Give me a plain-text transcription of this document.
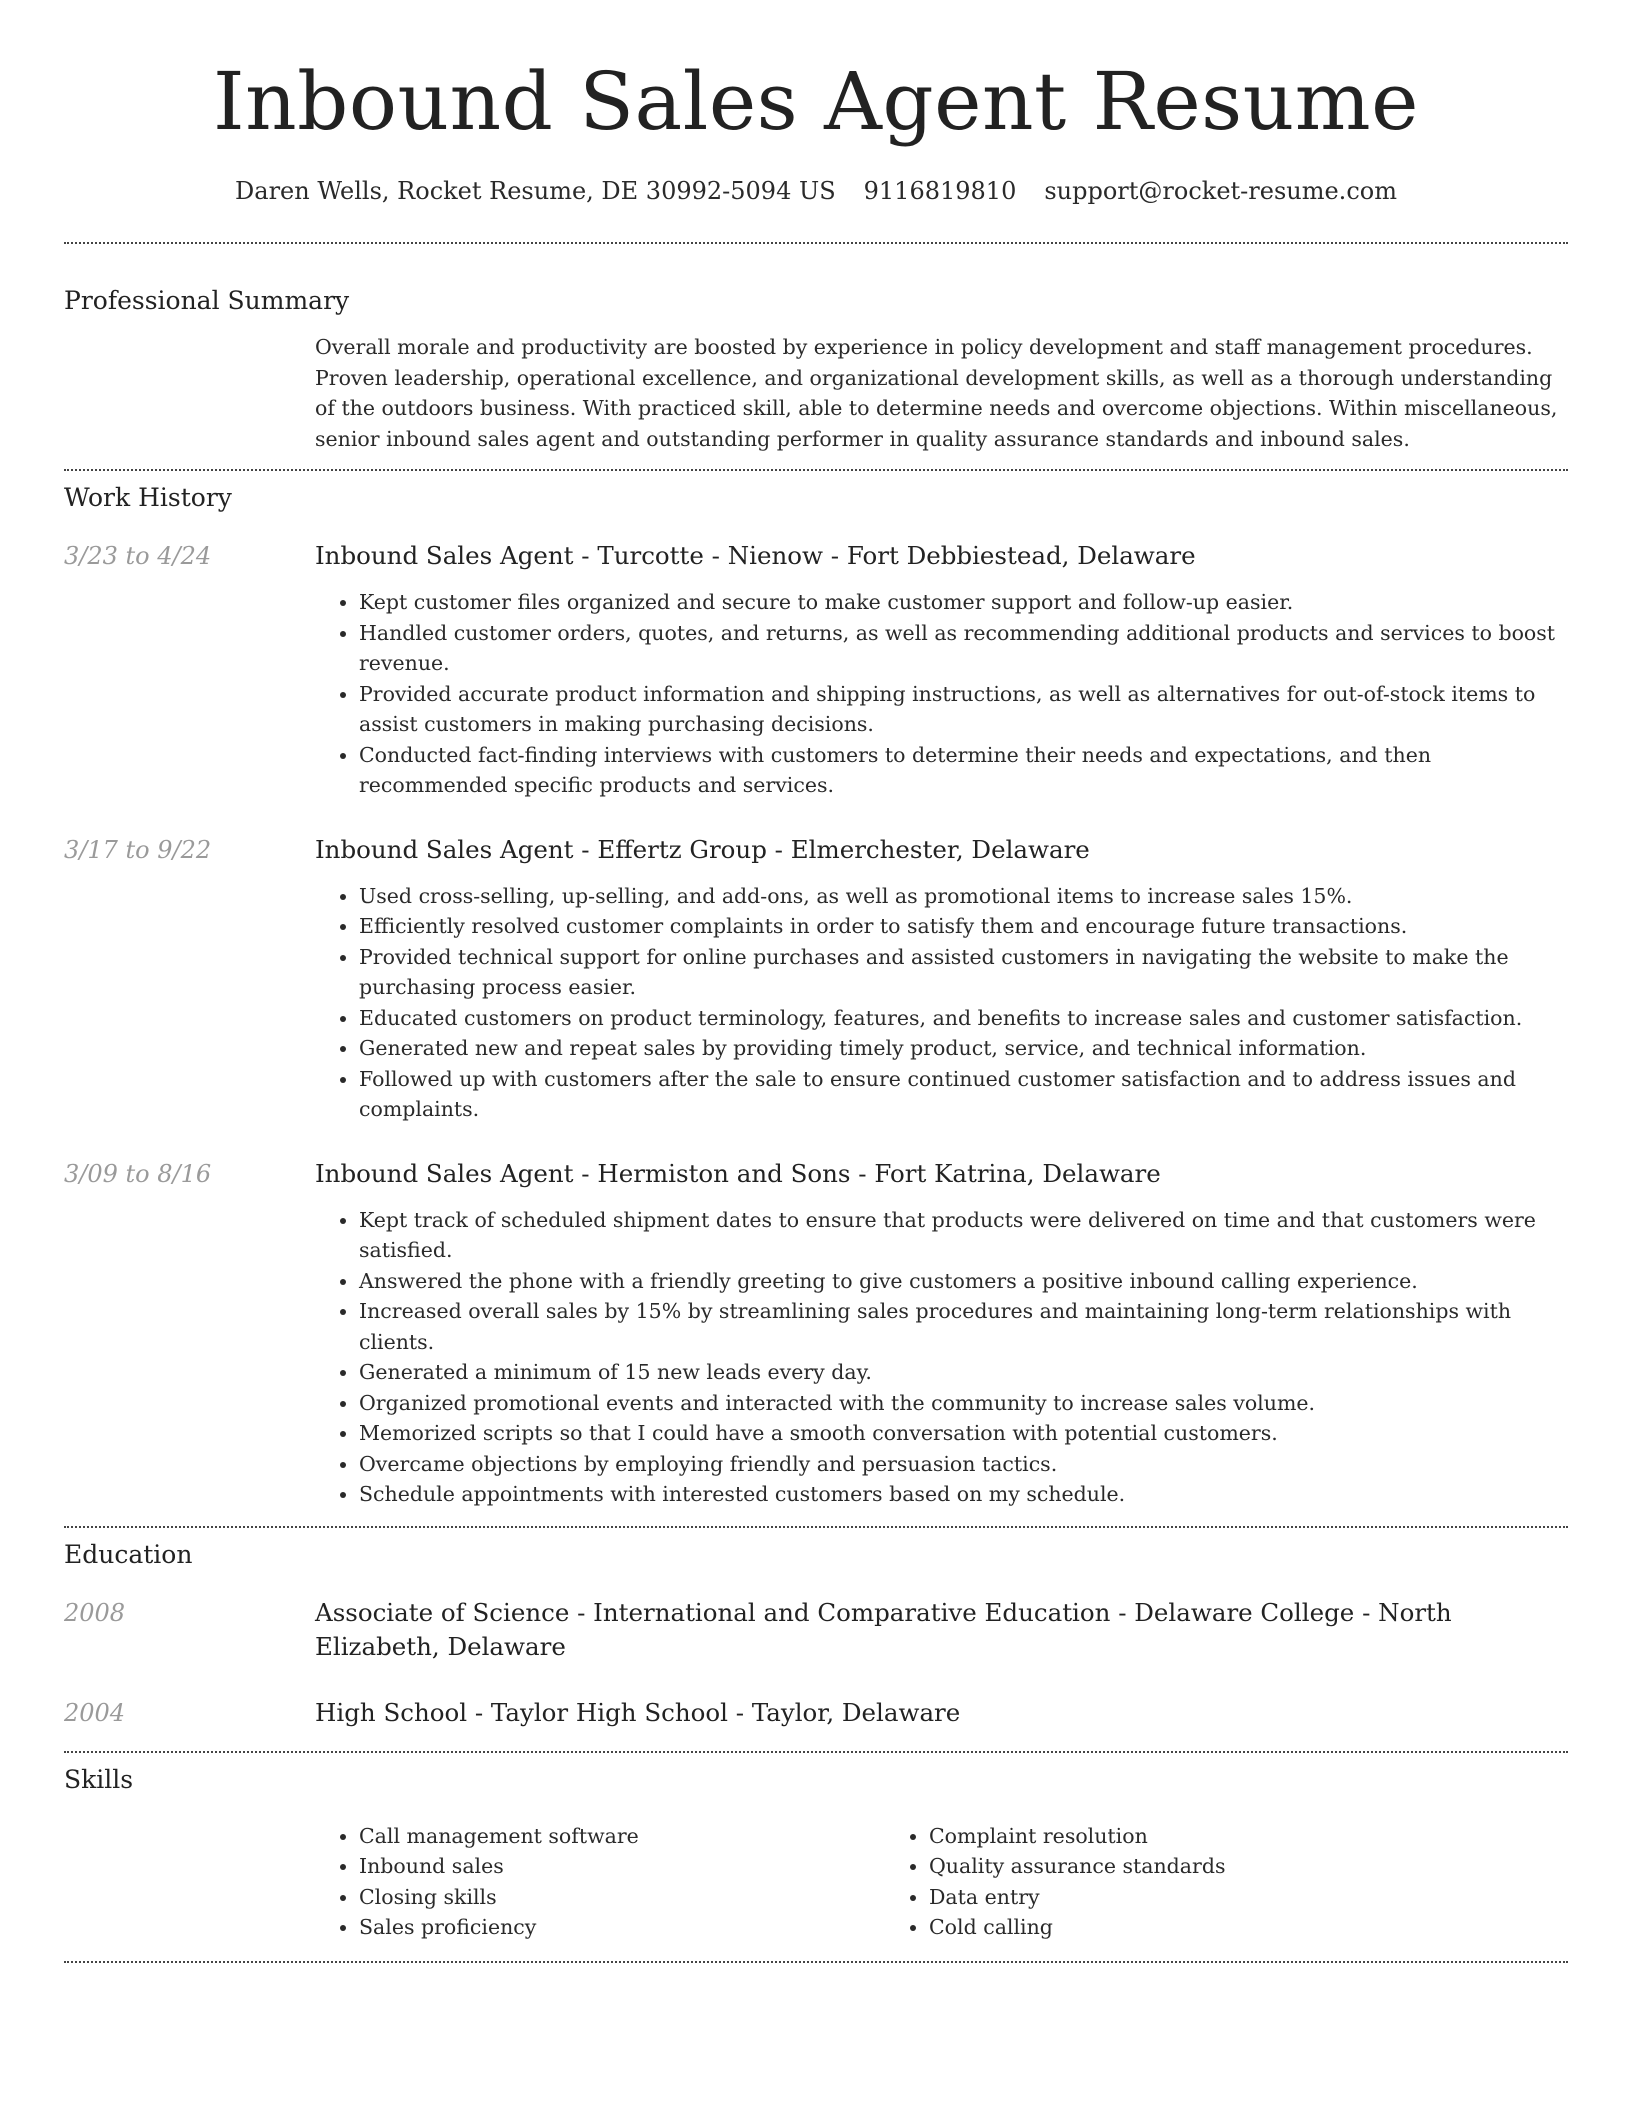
Inbound Sales Agent Resume
Daren Wells, Rocket Resume, DE 30992-5094 US 9116819810 support@rocket-resume.com
Professional Summary

Overall morale and productivity are boosted by experience in policy development and staff management procedures. Proven leadership, operational excellence, and organizational development skills, as well as a thorough understanding of the outdoors business. With practiced skill, able to determine needs and overcome objections. Within miscellaneous, senior inbound sales agent and outstanding performer in quality assurance standards and inbound sales.

Work History
3/23 to 4/24	Inbound Sales Agent - Turcotte - Nienow - Fort Debbiestead, Delaware

• Kept customer files organized and secure to make customer support and follow-up easier.
• Handled customer orders, quotes, and returns, as well as recommending additional products and services to boost revenue.
• Provided accurate product information and shipping instructions, as well as alternatives for out-of-stock items to assist customers in making purchasing decisions.
• Conducted fact-finding interviews with customers to determine their needs and expectations, and then recommended specific products and services.
3/17 to 9/22	Inbound Sales Agent - Effertz Group - Elmerchester, Delaware

• Used cross-selling, up-selling, and add-ons, as well as promotional items to increase sales 15%.
• Efficiently resolved customer complaints in order to satisfy them and encourage future transactions.
• Provided technical support for online purchases and assisted customers in navigating the website to make the purchasing process easier.
• Educated customers on product terminology, features, and benefits to increase sales and customer satisfaction.
• Generated new and repeat sales by providing timely product, service, and technical information.
• Followed up with customers after the sale to ensure continued customer satisfaction and to address issues and complaints.
3/09 to 8/16	Inbound Sales Agent - Hermiston and Sons - Fort Katrina, Delaware

• Kept track of scheduled shipment dates to ensure that products were delivered on time and that customers were satisfied.
• Answered the phone with a friendly greeting to give customers a positive inbound calling experience.
• Increased overall sales by 15% by streamlining sales procedures and maintaining long-term relationships with clients.
• Generated a minimum of 15 new leads every day.
• Organized promotional events and interacted with the community to increase sales volume.
• Memorized scripts so that I could have a smooth conversation with potential customers.
• Overcame objections by employing friendly and persuasion tactics.
• Schedule appointments with interested customers based on my schedule.
Education
2008	Associate of Science - International and Comparative Education - Delaware College - North Elizabeth, Delaware

2004	High School - Taylor High School - Taylor, Delaware

Skills
• Call management software
• Inbound sales
• Closing skills
• Sales proficiency
• Complaint resolution
• Quality assurance standards
• Data entry
• Cold calling
